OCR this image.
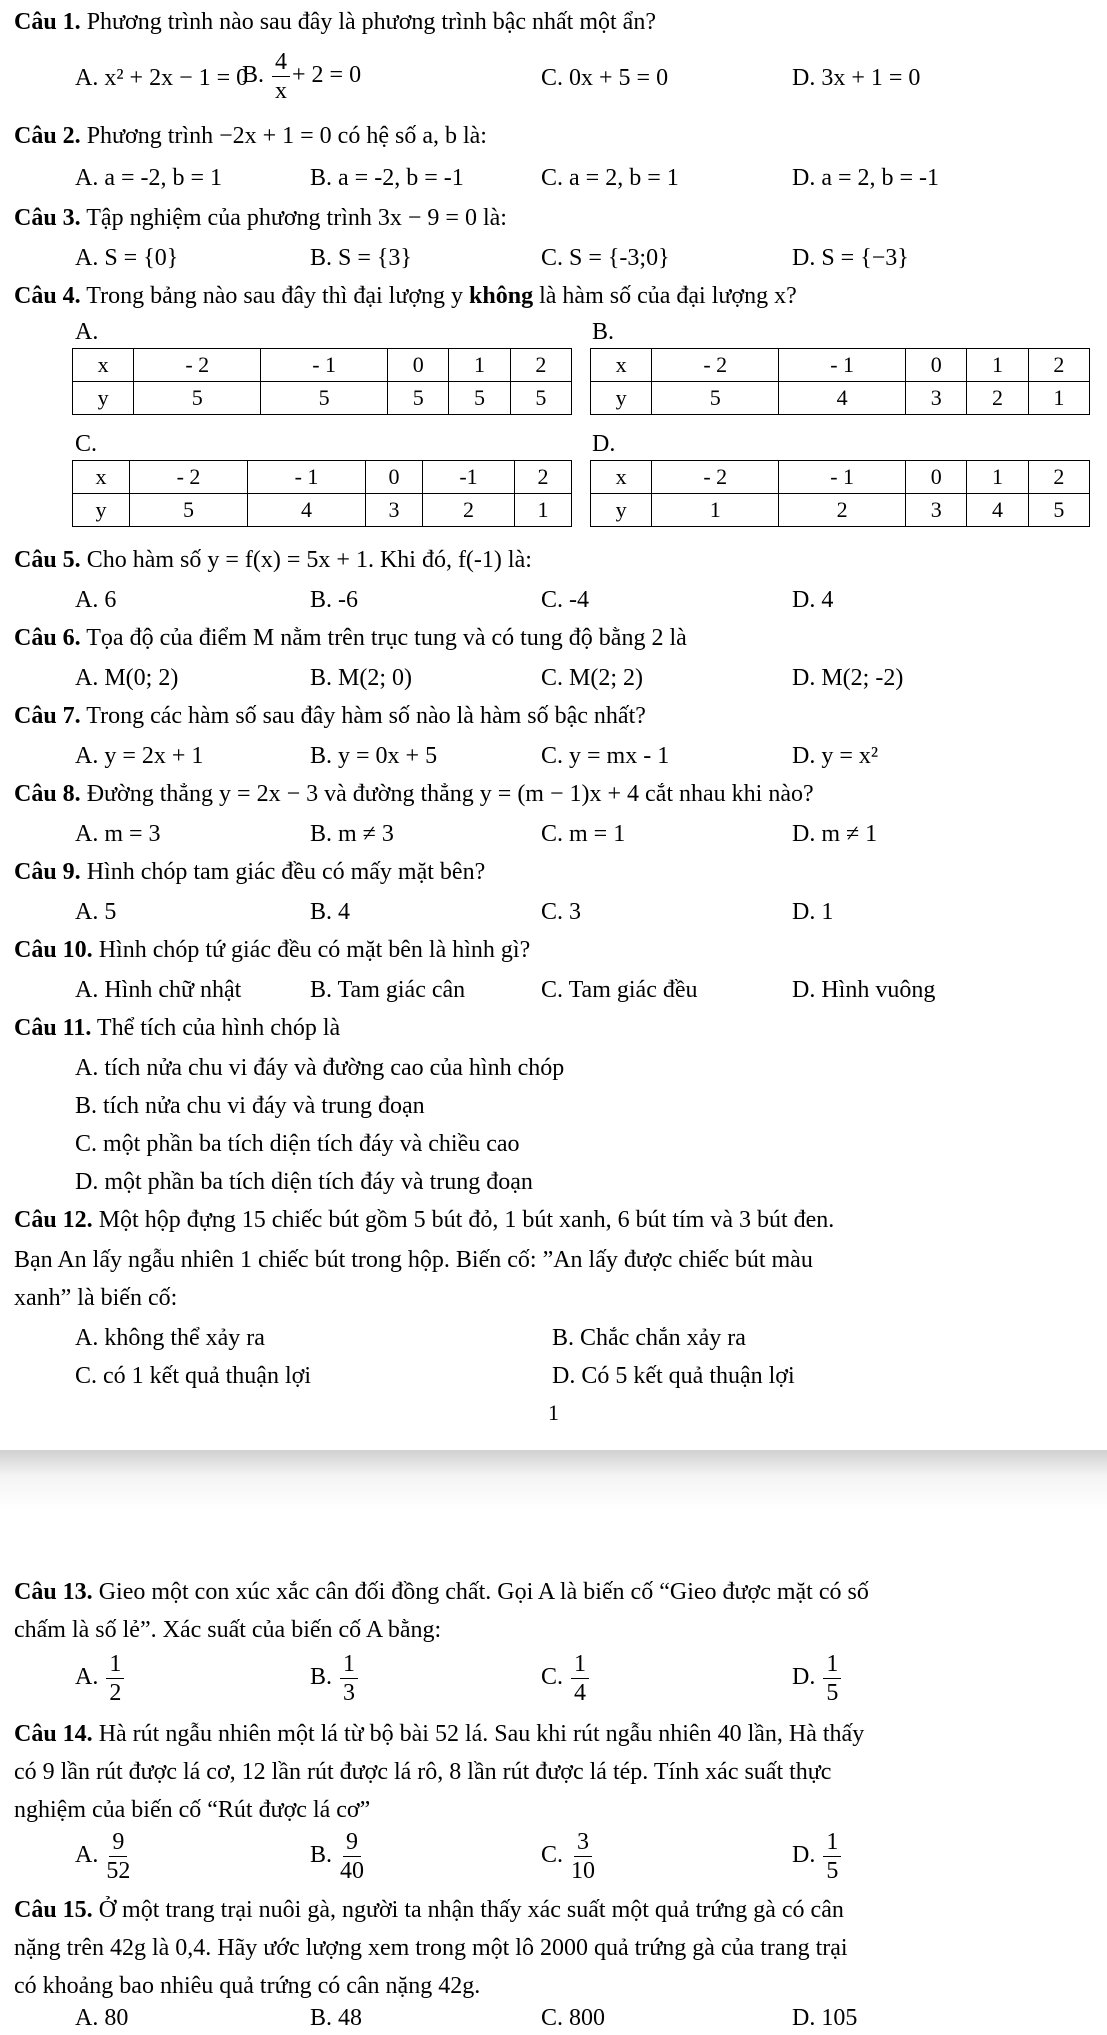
Câu 1. Phương trình nào sau đây là phương trình bậc nhất một ẩn?
A. x² + 2x − 1 = 0
B. $\frac{4}{x} + 2 = 0$	C. 0x + 5 = 0	D. 3x + 1 = 0
Câu 2. Phương trình −2x + 1 = 0 có hệ số a, b là:
A. a = -2, b = 1	B. a = -2, b = -1	C. a = 2, b = 1	D. a = 2, b = -1
Câu 3. Tập nghiệm của phương trình 3x − 9 = 0 là:
A. S = {0}	B. S = {3}	C. S = {-3;0}	D. S = {−3}
Câu 4. Trong bảng nào sau đây thì đại lượng y không là hàm số của đại lượng x?
A.
x	- 2	- 1	0	1	2
y	5	5	5	5	5
B.
x	- 2	- 1	0	1	2
y	5	4	3	2	1
C.
x	- 2	- 1	0	-1	2
y	5	4	3	2	1
D.
x	- 2	- 1	0	1	2
y	1	2	3	4	5
Câu 5. Cho hàm số y = f(x) = 5x + 1. Khi đó, f(-1) là:
A. 6	B. -6	C. -4	D. 4
Câu 6. Tọa độ của điểm M nằm trên trục tung và có tung độ bằng 2 là
A. M(0; 2)	B. M(2; 0)	C. M(2; 2)	D. M(2; -2)
Câu 7. Trong các hàm số sau đây hàm số nào là hàm số bậc nhất?
A. y = 2x + 1	B. y = 0x + 5	C. y = mx - 1	D. y = x²
Câu 8. Đường thẳng y = 2x − 3 và đường thẳng y = (m − 1)x + 4 cắt nhau khi nào?
A. m = 3	B. m ≠ 3	C. m = 1	D. m ≠ 1
Câu 9. Hình chóp tam giác đều có mấy mặt bên?
A. 5	B. 4	C. 3	D. 1
Câu 10. Hình chóp tứ giác đều có mặt bên là hình gì?
A. Hình chữ nhật	B. Tam giác cân	C. Tam giác đều	D. Hình vuông
Câu 11. Thể tích của hình chóp là
A. tích nửa chu vi đáy và đường cao của hình chóp
B. tích nửa chu vi đáy và trung đoạn
C. một phần ba tích diện tích đáy và chiều cao
D. một phần ba tích diện tích đáy và trung đoạn
Câu 12. Một hộp đựng 15 chiếc bút gồm 5 bút đỏ, 1 bút xanh, 6 bút tím và 3 bút đen.
Bạn An lấy ngẫu nhiên 1 chiếc bút trong hộp. Biến cố: ”An lấy được chiếc bút màu
xanh” là biến cố:
A. không thể xảy ra	B. Chắc chắn xảy ra
C. có 1 kết quả thuận lợi	D. Có 5 kết quả thuận lợi
1
Câu 13. Gieo một con xúc xắc cân đối đồng chất. Gọi A là biến cố “Gieo được mặt có số
chấm là số lẻ”. Xác suất của biến cố A bằng:
A. $\frac{1}{2}$	B. $\frac{1}{3}$	C. $\frac{1}{4}$	D. $\frac{1}{5}$
Câu 14. Hà rút ngẫu nhiên một lá từ bộ bài 52 lá. Sau khi rút ngẫu nhiên 40 lần, Hà thấy
có 9 lần rút được lá cơ, 12 lần rút được lá rô, 8 lần rút được lá tép. Tính xác suất thực
nghiệm của biến cố “Rút được lá cơ”
A. $\frac{9}{52}$	B. $\frac{9}{40}$	C. $\frac{3}{10}$	D. $\frac{1}{5}$
Câu 15. Ở một trang trại nuôi gà, người ta nhận thấy xác suất một quả trứng gà có cân
nặng trên 42g là 0,4. Hãy ước lượng xem trong một lô 2000 quả trứng gà của trang trại
có khoảng bao nhiêu quả trứng có cân nặng 42g.
A. 80	B. 48	C. 800	D. 105
